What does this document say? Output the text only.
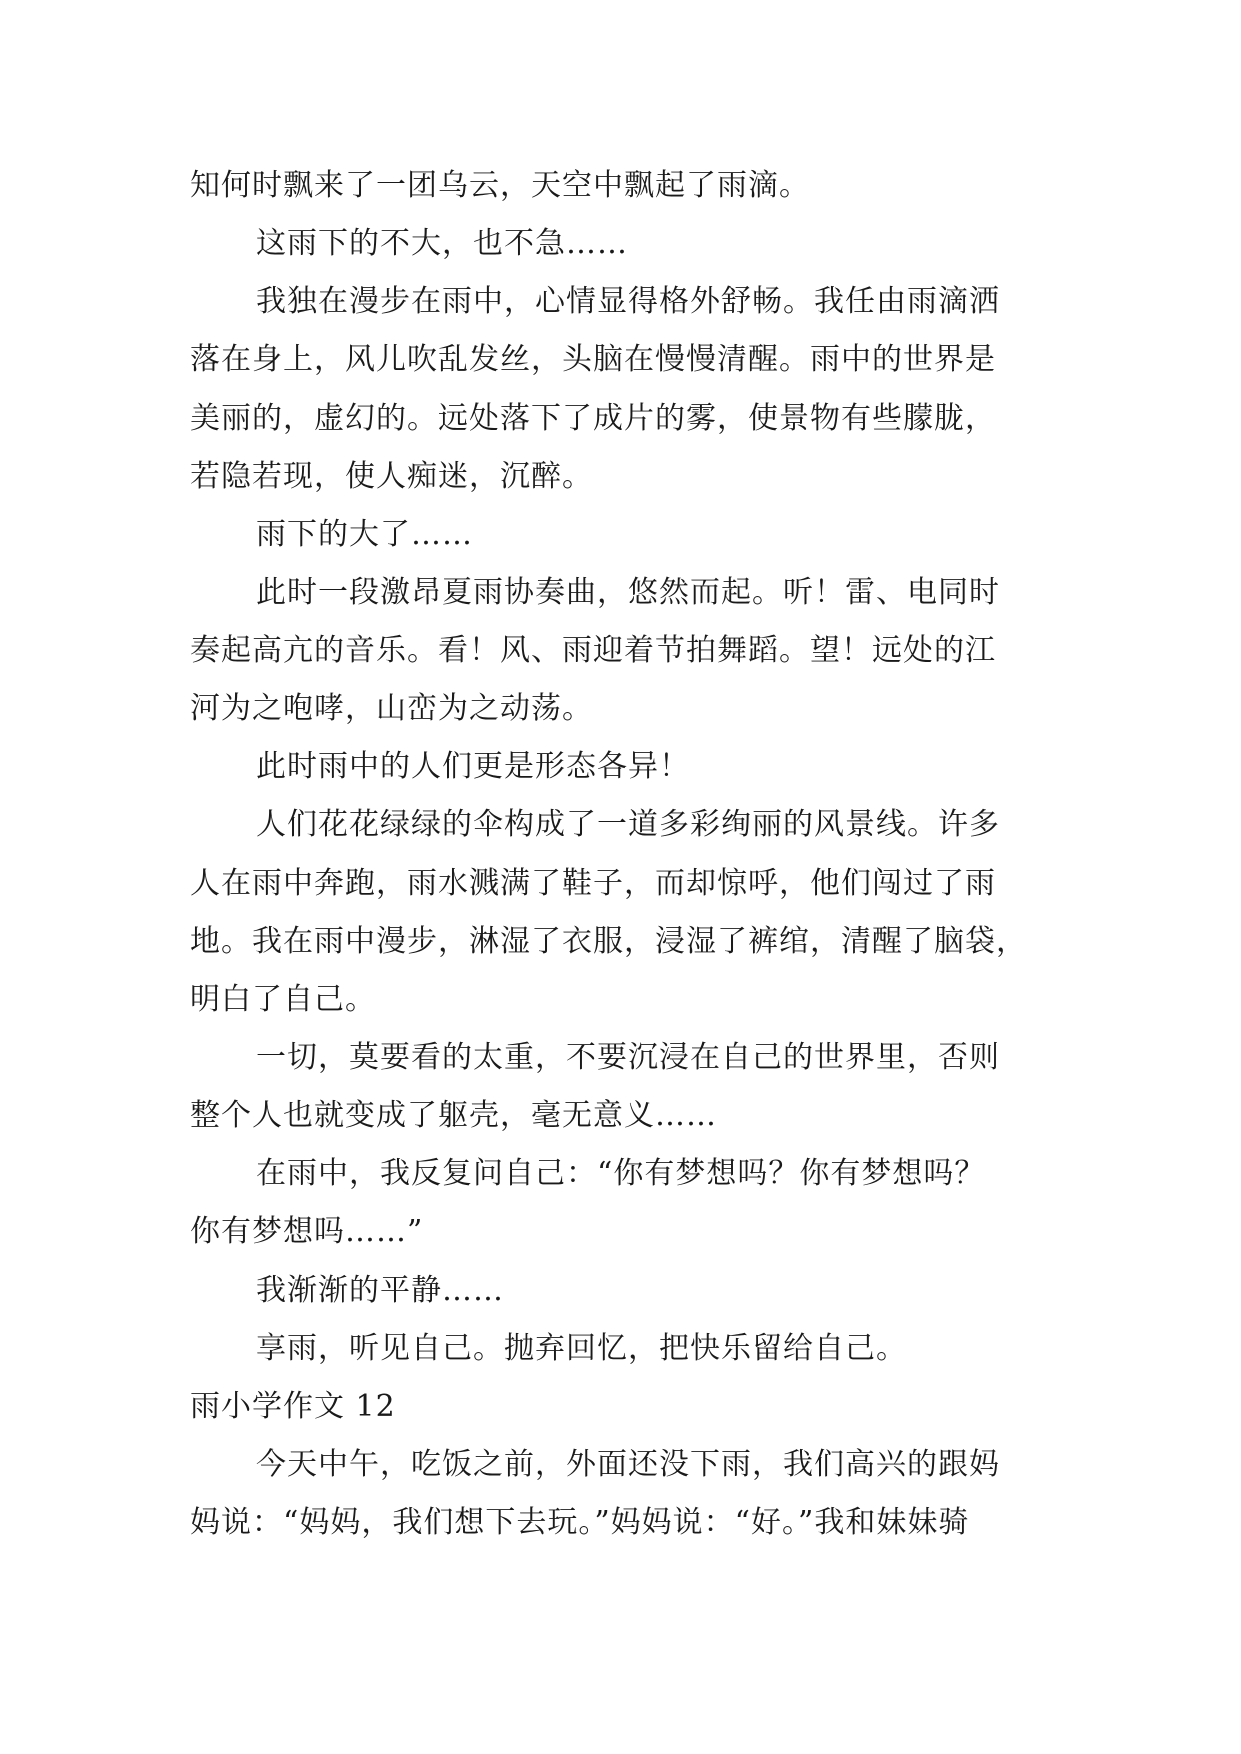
知何时飘来了一团乌云，天空中飘起了雨滴。
这雨下的不大，也不急……
我独在漫步在雨中，心情显得格外舒畅。我任由雨滴洒
落在身上，风儿吹乱发丝，头脑在慢慢清醒。雨中的世界是
美丽的，虚幻的。远处落下了成片的雾，使景物有些朦胧，
若隐若现，使人痴迷，沉醉。
雨下的大了……
此时一段激昂夏雨协奏曲，悠然而起。听！雷、电同时
奏起高亢的音乐。看！风、雨迎着节拍舞蹈。望！远处的江
河为之咆哮，山峦为之动荡。
此时雨中的人们更是形态各异！
人们花花绿绿的伞构成了一道多彩绚丽的风景线。许多
人在雨中奔跑，雨水溅满了鞋子，而却惊呼，他们闯过了雨
地。我在雨中漫步，淋湿了衣服，浸湿了裤绾，清醒了脑袋，
明白了自己。
一切，莫要看的太重，不要沉浸在自己的世界里，否则
整个人也就变成了躯壳，毫无意义……
在雨中，我反复问自己：“你有梦想吗？你有梦想吗？
你有梦想吗……”
我渐渐的平静……
享雨，听见自己。抛弃回忆，把快乐留给自己。
雨小学作文 12
今天中午，吃饭之前，外面还没下雨，我们高兴的跟妈
妈说：“妈妈，我们想下去玩。”妈妈说：“好。”我和妹妹骑
